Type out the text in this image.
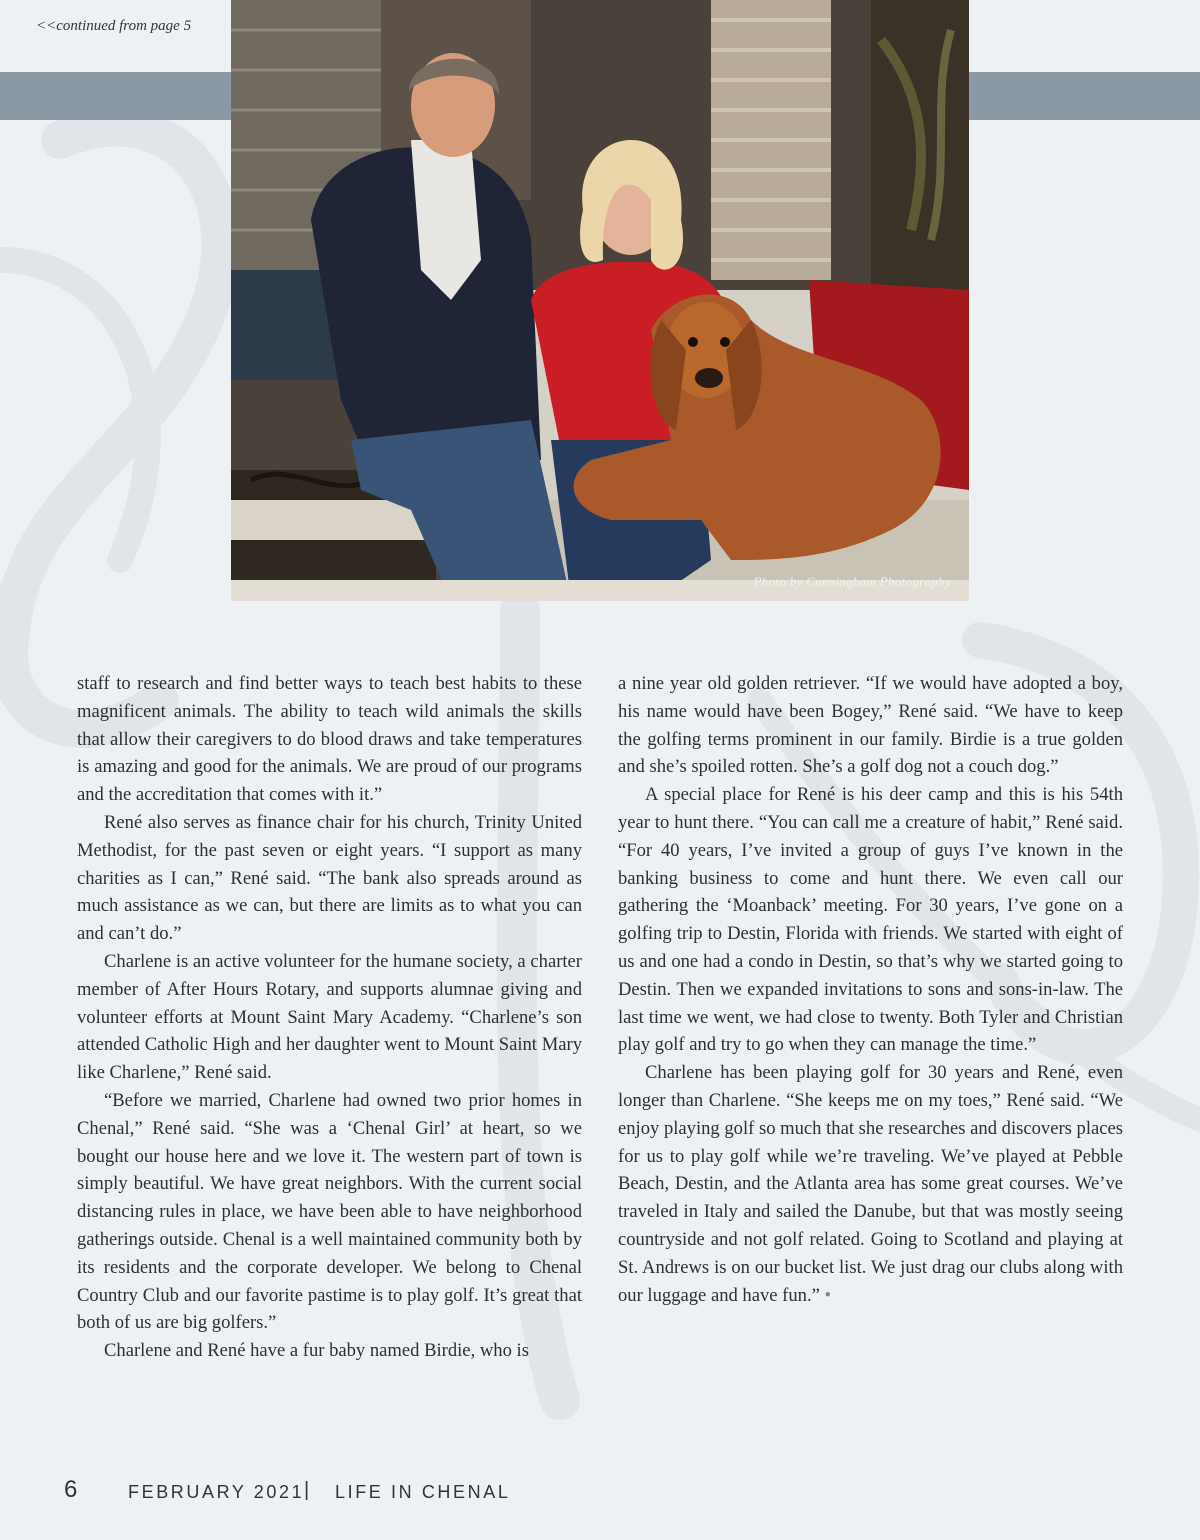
<<continued from page 5
Photo by Cunningham Photography

staff to research and find better ways to teach best habits to these magnificent animals. The ability to teach wild animals the skills that allow their caregivers to do blood draws and take temperatures is amazing and good for the animals. We are proud of our programs and the accreditation that comes with it.”

René also serves as finance chair for his church, Trinity United Methodist, for the past seven or eight years. “I support as many charities as I can,” René said. “The bank also spreads around as much assistance as we can, but there are limits as to what you can and can’t do.”

Charlene is an active volunteer for the humane society, a charter member of After Hours Rotary, and supports alumnae giving and volunteer efforts at Mount Saint Mary Academy. “Charlene’s son attended Catholic High and her daughter went to Mount Saint Mary like Charlene,” René said.

“Before we married, Charlene had owned two prior homes in Chenal,” René said. “She was a ‘Chenal Girl’ at heart, so we bought our house here and we love it. The western part of town is simply beautiful. We have great neighbors. With the current social distancing rules in place, we have been able to have neighborhood gatherings outside. Chenal is a well maintained community both by its residents and the corporate developer. We belong to Chenal Country Club and our favorite pastime is to play golf. It’s great that both of us are big golfers.”

Charlene and René have a fur baby named Birdie, who is

a nine year old golden retriever. “If we would have adopted a boy, his name would have been Bogey,” René said. “We have to keep the golfing terms prominent in our family. Birdie is a true golden and she’s spoiled rotten. She’s a golf dog not a couch dog.”

A special place for René is his deer camp and this is his 54th year to hunt there. “You can call me a creature of habit,” René said. “For 40 years, I’ve invited a group of guys I’ve known in the banking business to come and hunt there. We even call our gathering the ‘Moanback’ meeting. For 30 years, I’ve gone on a golfing trip to Destin, Florida with friends. We started with eight of us and one had a condo in Destin, so that’s why we started going to Destin. Then we expanded invitations to sons and sons-in-law. The last time we went, we had close to twenty. Both Tyler and Christian play golf and try to go when they can manage the time.”

Charlene has been playing golf for 30 years and René, even longer than Charlene. “She keeps me on my toes,” René said. “We enjoy playing golf so much that she researches and discovers places for us to play golf while we’re traveling. We’ve played at Pebble Beach, Destin, and the Atlanta area has some great courses. We’ve traveled in Italy and sailed the Danube, but that was mostly seeing countryside and not golf related. Going to Scotland and playing at St. Andrews is on our bucket list. We just drag our clubs along with our luggage and have fun.” •

6	FEBRUARY 2021 | LIFE IN CHENAL
